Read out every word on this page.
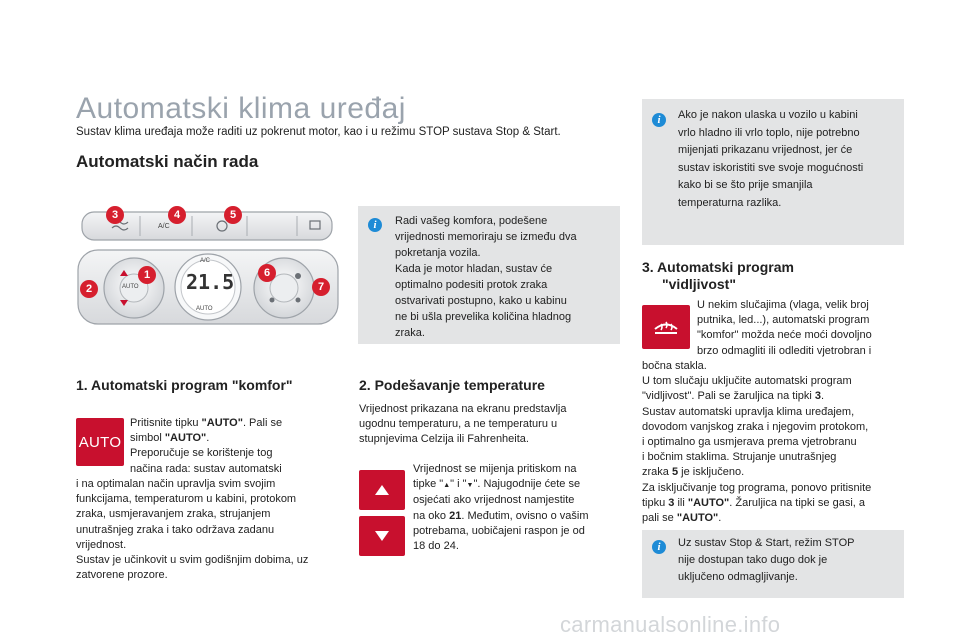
Automatski klima uređaj
Sustav klima uređaja može raditi uz pokrenut motor, kao i u režimu STOP sustava Stop & Start.
Automatski način rada
A/C
AUTO
A/C
21.5
AUTO
3	4	5
1
2
6
7
i	Radi vašeg komfora, podešene
vrijednosti memoriraju se između dva
pokretanja vozila.
Kada je motor hladan, sustav će
optimalno podesiti protok zraka
ostvarivati postupno, kako u kabinu
ne bi ušla prevelika količina hladnog
zraka.
i	Ako je nakon ulaska u vozilo u kabini
vrlo hladno ili vrlo toplo, nije potrebno
mijenjati prikazanu vrijednost, jer će
sustav iskoristiti sve svoje mogućnosti
kako bi se što prije smanjila
temperaturna razlika.
1. Automatski program "komfor"
AUTO
Pritisnite tipku "AUTO". Pali se
simbol "AUTO".
Preporučuje se korištenje tog
načina rada: sustav automatski
i na optimalan način upravlja svim svojim
funkcijama, temperaturom u kabini, protokom
zraka, usmjeravanjem zraka, strujanjem
unutrašnjeg zraka i tako održava zadanu
vrijednost.
Sustav je učinkovit u svim godišnjim dobima, uz
zatvorene prozore.
2. Podešavanje temperature
Vrijednost prikazana na ekranu predstavlja
ugodnu temperaturu, a ne temperaturu u
stupnjevima Celzija ili Fahrenheita.
Vrijednost se mijenja pritiskom na
tipke "▲" i "▼". Najugodnije ćete se
osjećati ako vrijednost namjestite
na oko 21. Međutim, ovisno o vašim
potrebama, uobičajeni raspon je od
18 do 24.
3. Automatski program
"vidljivost"
U nekim slučajima (vlaga, velik broj
putnika, led...), automatski program
"komfor" možda neće moći dovoljno
brzo odmagliti ili odlediti vjetrobran i
bočna stakla.
U tom slučaju uključite automatski program
"vidljivost". Pali se žaruljica na tipki 3.
Sustav automatski upravlja klima uređajem,
dovodom vanjskog zraka i njegovim protokom,
i optimalno ga usmjerava prema vjetrobranu
i bočnim staklima. Strujanje unutrašnjeg
zraka 5 je isključeno.
Za isključivanje tog programa, ponovo pritisnite
tipku 3 ili "AUTO". Žaruljica na tipki se gasi, a
pali se "AUTO".
i	Uz sustav Stop & Start, režim STOP
nije dostupan tako dugo dok je
uključeno odmagljivanje.
carmanualsonline.info
